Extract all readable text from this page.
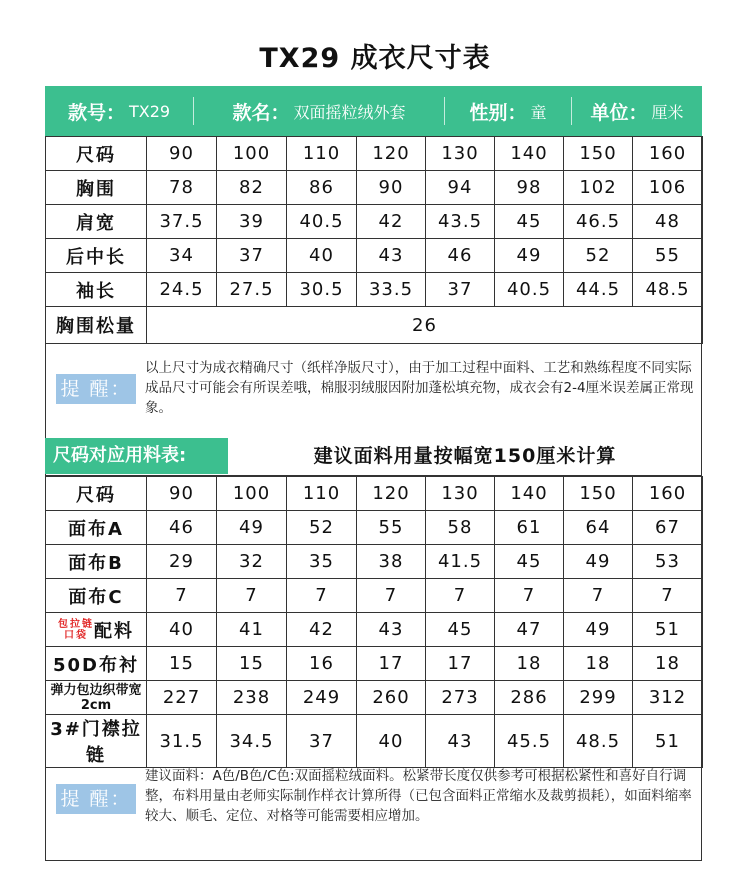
TX29 成衣尺寸表
款号： TX29	款名： 双面摇粒绒外套	性别： 童 单位： 厘米
尺码	90	100	110	120	130	140	150	160
胸围	78	82	86	90	94	98	102	106
肩宽	37.5	39	40.5	42	43.5	45	46.5	48
后中长	34	37	40	43	46	49	52	55
袖长	24.5	27.5	30.5	33.5	37	40.5	44.5	48.5
胸围松量	26							
提 醒：
以上尺寸为成衣精确尺寸（纸样净版尺寸），由于加工过程中面料、工艺和熟练程度不同实际成品尺寸可能会有所误差哦，棉服羽绒服因附加蓬松填充物，成衣会有2-4厘米误差属正常现象。
尺码对应用料表:	建议面料用量按幅宽150厘米计算
尺码	90	100	110	120	130	140	150	160
面布A	46	49	52	55	58	61	64	67
面布B	29	32	35	38	41.5	45	49	53
面布C	7	7	7	7	7	7	7	7
包拉链
口袋 配料	40	41	42	43	45	47	49	51
50D布衬	15	15	16	17	17	18	18	18
弹力包边织带宽2cm	227	238	249	260	273	286	299	312
3#门襟拉链	31.5	34.5	37	40	43	45.5	48.5	51
提 醒：
建议面料：A色/B色/C色:双面摇粒绒面料。松紧带长度仅供参考可根据松紧性和喜好自行调整，布料用量由老师实际制作样衣计算所得（已包含面料正常缩水及裁剪损耗），如面料缩率较大、顺毛、定位、对格等可能需要相应增加。
